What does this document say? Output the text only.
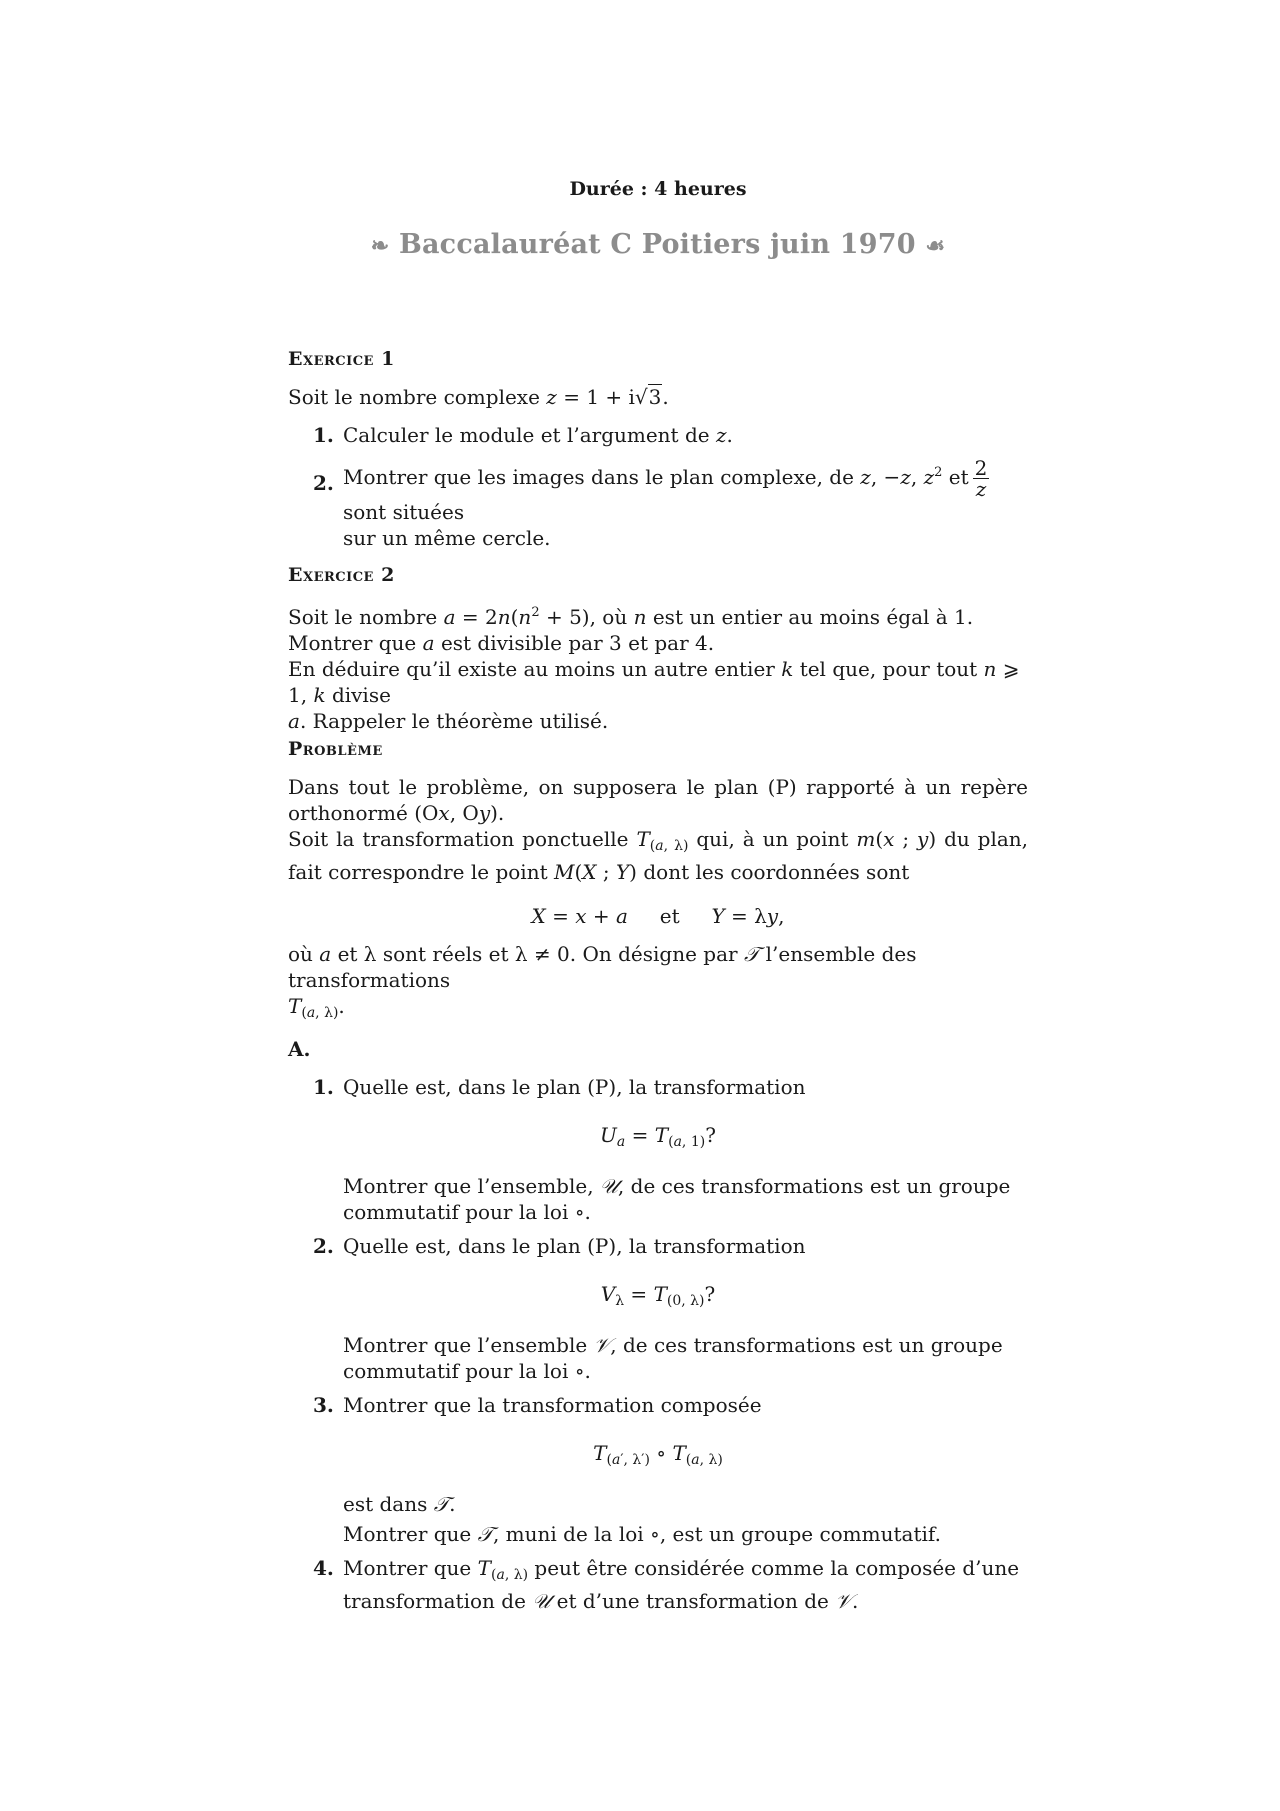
Durée : 4 heures
❧ Baccalauréat C Poitiers juin 1970 ☙

Exercice 1

Soit le nombre complexe z = 1 + i√3.

1. Calculer le module et l’argument de z.
2. Montrer que les images dans le plan complexe, de z, −z, $z^2$ et $\frac{2}{z}$
sont situées
sur un même cercle.

Exercice 2

Soit le nombre $a = 2n(n^2 + 5)$, où n est un entier au moins égal à 1.
Montrer que a est divisible par 3 et par 4.
En déduire qu’il existe au moins un autre entier k tel que, pour tout n ⩾ 1, k divise
a. Rappeler le théorème utilisé.

Problème

Dans tout le problème, on supposera le plan (P) rapporté à un repère orthonormé (Ox, Oy).
Soit la transformation ponctuelle $T_{(a, \lambda)}$ qui, à un point m(x ; y) du plan, fait correspondre le point M(X ; Y) dont les coordonnées sont

X = x + a et Y = λy,

où a et λ sont réels et λ ≠ 0. On désigne par 𝒯 l’ensemble des transformations
$T_{(a, \lambda)}$.

A.

1. Quelle est, dans le plan (P), la transformation

$U_a = T_{(a, 1)}$?

Montrer que l’ensemble, 𝒰, de ces transformations est un groupe commutatif pour la loi ∘.

2. Quelle est, dans le plan (P), la transformation

$V_\lambda = T_{(0, \lambda)}$?

Montrer que l’ensemble 𝒱, de ces transformations est un groupe commutatif pour la loi ∘.

3. Montrer que la transformation composée

$T_{(a', \lambda')}$ ∘ $T_{(a, \lambda)}$

est dans 𝒯.

Montrer que 𝒯, muni de la loi ∘, est un groupe commutatif.

4. Montrer que $T_{(a, \lambda)}$ peut être considérée comme la composée d’une transformation de 𝒰 et d’une transformation de 𝒱.
